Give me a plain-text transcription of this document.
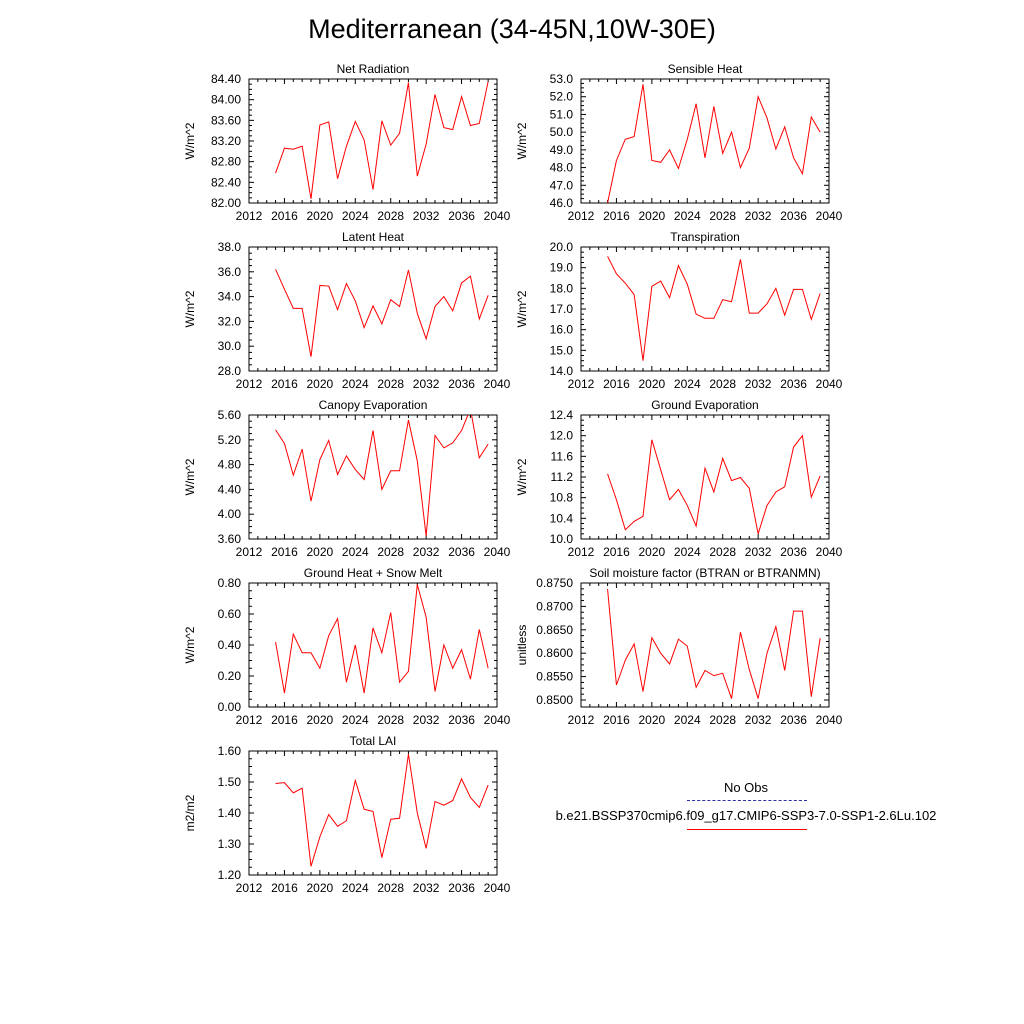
Mediterranean (34-45N,10W-30E)
Net Radiation
W/m^2
2012 2016 2020 2024 2028 2032 2036 2040
82.00
82.40
82.80
83.20
83.60
84.00
84.40
Sensible Heat
W/m^2
2012 2016 2020 2024 2028 2032 2036 2040
46.0
47.0
48.0
49.0
50.0
51.0
52.0
53.0
Latent Heat
W/m^2
2012 2016 2020 2024 2028 2032 2036 2040
28.0
30.0
32.0
34.0
36.0
38.0
Transpiration
W/m^2
2012 2016 2020 2024 2028 2032 2036 2040
14.0
15.0
16.0
17.0
18.0
19.0
20.0
Canopy Evaporation
W/m^2
2012 2016 2020 2024 2028 2032 2036 2040
3.60
4.00
4.40
4.80
5.20
5.60
Ground Evaporation
W/m^2
2012 2016 2020 2024 2028 2032 2036 2040
10.0
10.4
10.8
11.2
11.6
12.0
12.4
Ground Heat + Snow Melt
W/m^2
2012 2016 2020 2024 2028 2032 2036 2040
0.00
0.20
0.40
0.60
0.80
Soil moisture factor (BTRAN or BTRANMN)
unitless
2012 2016 2020 2024 2028 2032 2036 2040
0.8500
0.8550
0.8600
0.8650
0.8700
0.8750
Total LAI
m2/m2
2012 2016 2020 2024 2028 2032 2036 2040
1.20
1.30
1.40
1.50
1.60
No Obs
b.e21.BSSP370cmip6.f09_g17.CMIP6-SSP3-7.0-SSP1-2.6Lu.102
